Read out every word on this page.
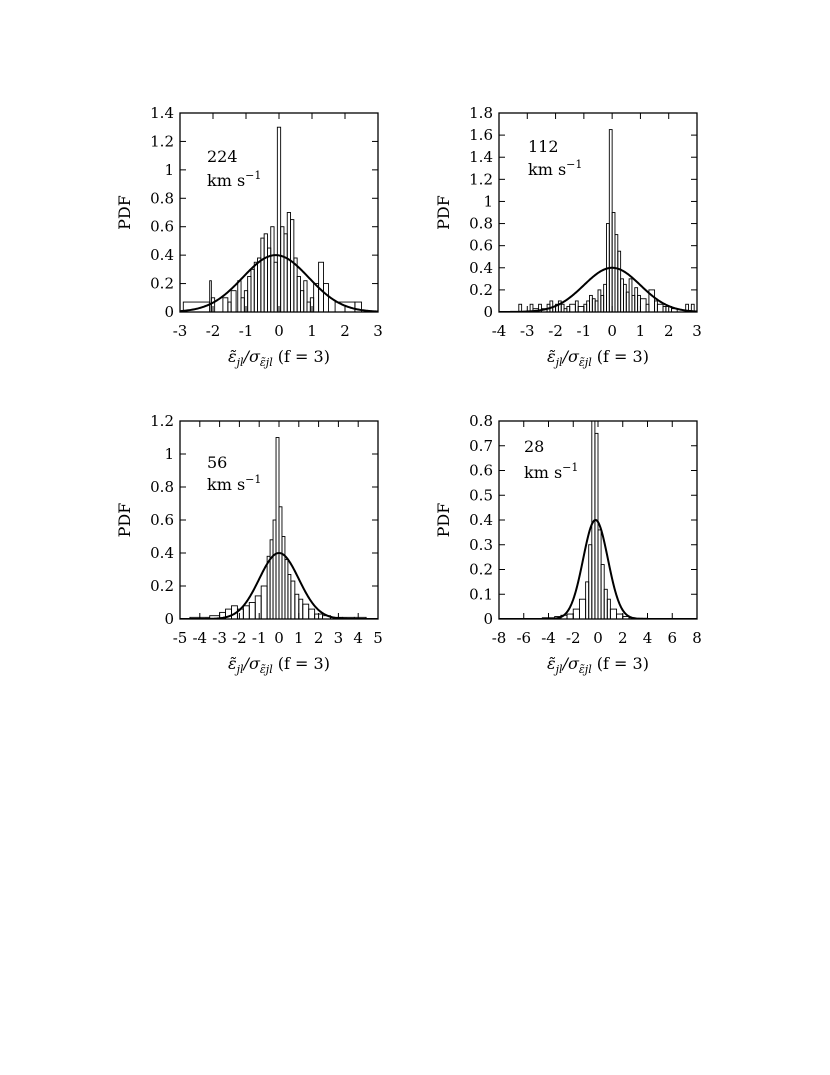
-3 -2 -1 0 1 2 3
0
0.2
0.4
0.6
0.8
1
1.2
1.4
PDF
$\varepsiloñ_{jl}/\sigma_{\varepsiloñjl}$ (f = 3)
224
km $s^{-1}$
-4 -3 -2 -1 0 1 2 3
0
0.2
0.4
0.6
0.8
1
1.2
1.4
1.6
1.8
PDF
$\varepsiloñ_{jl}/\sigma_{\varepsiloñjl}$ (f = 3)
112
km $s^{-1}$
-5 -4 -3 -2 -1 0 1 2 3 4 5
0
0.2
0.4
0.6
0.8
1
1.2
PDF
$\varepsiloñ_{jl}/\sigma_{\varepsiloñjl}$ (f = 3)
56
km $s^{-1}$
-8 -6 -4 -2 0 2 4 6 8
0
0.1
0.2
0.3
0.4
0.5
0.6
0.7
0.8
PDF
$\varepsiloñ_{jl}/\sigma_{\varepsiloñjl}$ (f = 3)
28
km $s^{-1}$
